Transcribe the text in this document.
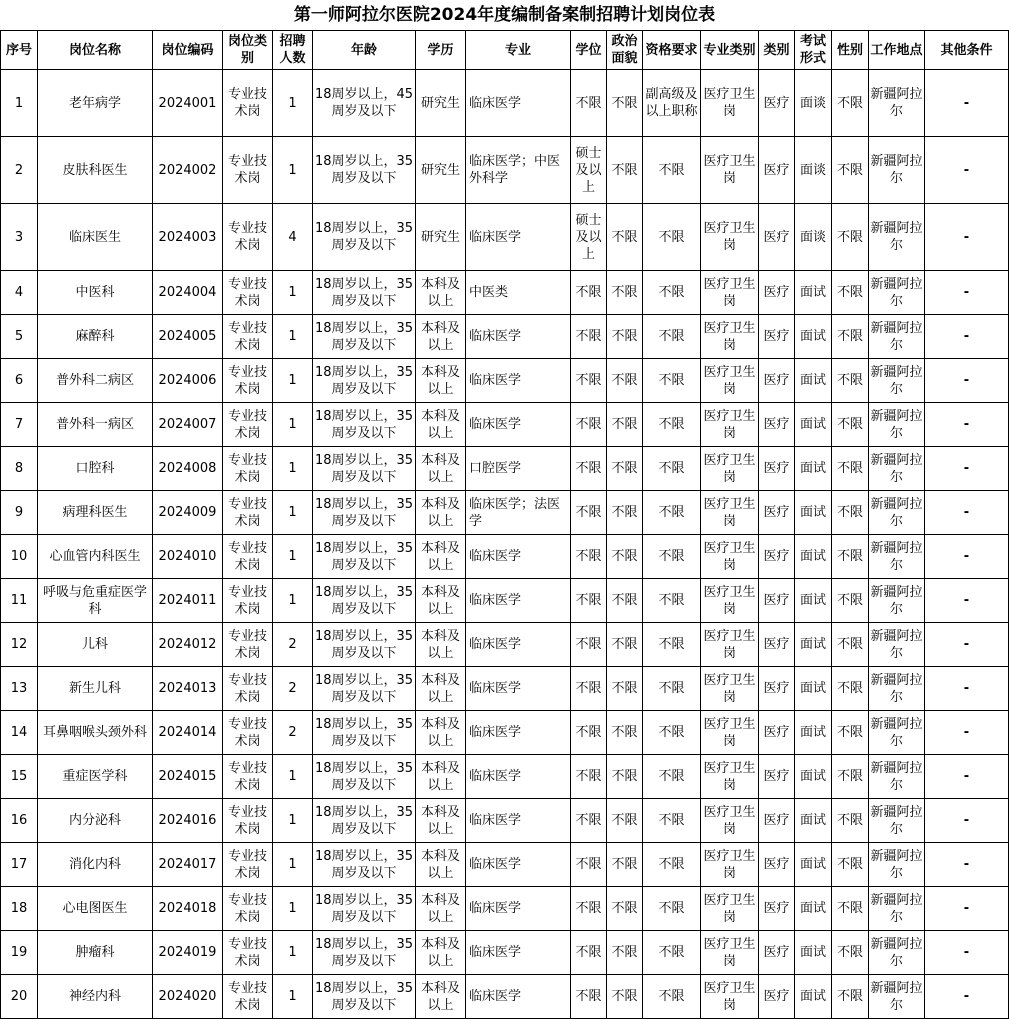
第一师阿拉尔医院2024年度编制备案制招聘计划岗位表
序号	岗位名称	岗位编码	岗位类别	招聘人数	年龄	学历	专业	学位	政治面貌	资格要求	专业类别	类别	考试形式	性别	工作地点	其他条件
1	老年病学	2024001	专业技术岗	1	18周岁以上，45周岁及以下	研究生	临床医学	不限	不限	副高级及以上职称	医疗卫生岗	医疗	面谈	不限	新疆阿拉尔	-
2	皮肤科医生	2024002	专业技术岗	1	18周岁以上，35周岁及以下	研究生	临床医学；中医外科学	硕士及以上	不限	不限	医疗卫生岗	医疗	面谈	不限	新疆阿拉尔	-
3	临床医生	2024003	专业技术岗	4	18周岁以上，35周岁及以下	研究生	临床医学	硕士及以上	不限	不限	医疗卫生岗	医疗	面谈	不限	新疆阿拉尔	-
4	中医科	2024004	专业技术岗	1	18周岁以上，35周岁及以下	本科及以上	中医类	不限	不限	不限	医疗卫生岗	医疗	面试	不限	新疆阿拉尔	-
5	麻醉科	2024005	专业技术岗	1	18周岁以上，35周岁及以下	本科及以上	临床医学	不限	不限	不限	医疗卫生岗	医疗	面试	不限	新疆阿拉尔	-
6	普外科二病区	2024006	专业技术岗	1	18周岁以上，35周岁及以下	本科及以上	临床医学	不限	不限	不限	医疗卫生岗	医疗	面试	不限	新疆阿拉尔	-
7	普外科一病区	2024007	专业技术岗	1	18周岁以上，35周岁及以下	本科及以上	临床医学	不限	不限	不限	医疗卫生岗	医疗	面试	不限	新疆阿拉尔	-
8	口腔科	2024008	专业技术岗	1	18周岁以上，35周岁及以下	本科及以上	口腔医学	不限	不限	不限	医疗卫生岗	医疗	面试	不限	新疆阿拉尔	-
9	病理科医生	2024009	专业技术岗	1	18周岁以上，35周岁及以下	本科及以上	临床医学；法医学	不限	不限	不限	医疗卫生岗	医疗	面试	不限	新疆阿拉尔	-
10	心血管内科医生	2024010	专业技术岗	1	18周岁以上，35周岁及以下	本科及以上	临床医学	不限	不限	不限	医疗卫生岗	医疗	面试	不限	新疆阿拉尔	-
11	呼吸与危重症医学科	2024011	专业技术岗	1	18周岁以上，35周岁及以下	本科及以上	临床医学	不限	不限	不限	医疗卫生岗	医疗	面试	不限	新疆阿拉尔	-
12	儿科	2024012	专业技术岗	2	18周岁以上，35周岁及以下	本科及以上	临床医学	不限	不限	不限	医疗卫生岗	医疗	面试	不限	新疆阿拉尔	-
13	新生儿科	2024013	专业技术岗	2	18周岁以上，35周岁及以下	本科及以上	临床医学	不限	不限	不限	医疗卫生岗	医疗	面试	不限	新疆阿拉尔	-
14	耳鼻咽喉头颈外科	2024014	专业技术岗	2	18周岁以上，35周岁及以下	本科及以上	临床医学	不限	不限	不限	医疗卫生岗	医疗	面试	不限	新疆阿拉尔	-
15	重症医学科	2024015	专业技术岗	1	18周岁以上，35周岁及以下	本科及以上	临床医学	不限	不限	不限	医疗卫生岗	医疗	面试	不限	新疆阿拉尔	-
16	内分泌科	2024016	专业技术岗	1	18周岁以上，35周岁及以下	本科及以上	临床医学	不限	不限	不限	医疗卫生岗	医疗	面试	不限	新疆阿拉尔	-
17	消化内科	2024017	专业技术岗	1	18周岁以上，35周岁及以下	本科及以上	临床医学	不限	不限	不限	医疗卫生岗	医疗	面试	不限	新疆阿拉尔	-
18	心电图医生	2024018	专业技术岗	1	18周岁以上，35周岁及以下	本科及以上	临床医学	不限	不限	不限	医疗卫生岗	医疗	面试	不限	新疆阿拉尔	-
19	肿瘤科	2024019	专业技术岗	1	18周岁以上，35周岁及以下	本科及以上	临床医学	不限	不限	不限	医疗卫生岗	医疗	面试	不限	新疆阿拉尔	-
20	神经内科	2024020	专业技术岗	1	18周岁以上，35周岁及以下	本科及以上	临床医学	不限	不限	不限	医疗卫生岗	医疗	面试	不限	新疆阿拉尔	-
